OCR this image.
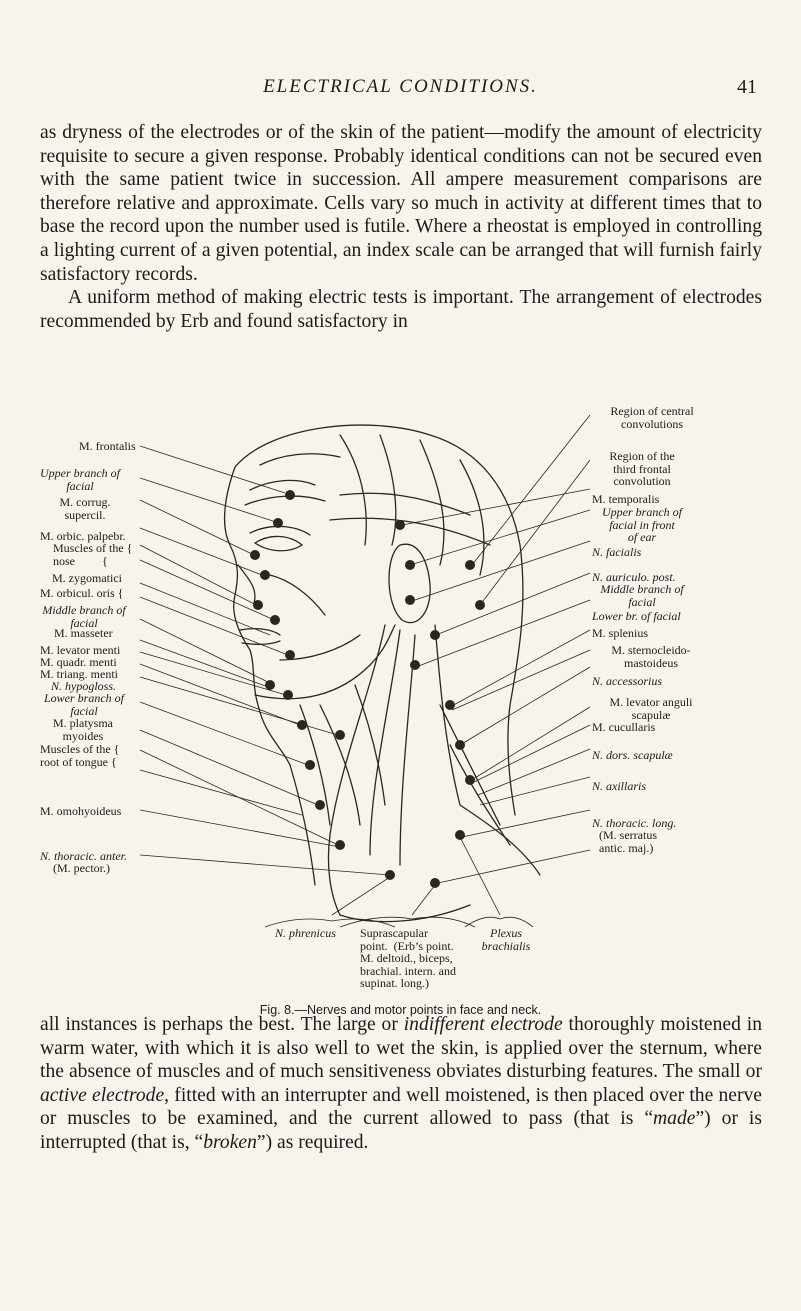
ELECTRICAL CONDITIONS.	41

as dryness of the electrodes or of the skin of the patient—modify the amount of electricity requisite to secure a given response. Probably identical conditions can not be secured even with the same patient twice in succession. All ampere measurement comparisons are therefore relative and approximate. Cells vary so much in activity at different times that to base the record upon the number used is futile. Where a rheostat is employed in controlling a lighting current of a given potential, an index scale can be arranged that will furnish fairly satisfactory records.

A uniform method of making electric tests is important. The arrangement of electrodes recommended by Erb and found satisfactory in

M. frontalis
Upper branch of
facial
M. corrug.
supercil.
M. orbic. palpebr.
Muscles of the {
nose         {
M. zygomatici
M. orbicul. oris {
Middle branch of
facial
M. masseter
M. levator menti
M. quadr. menti
M. triang. menti
N. hypogloss.
Lower branch of
facial
M. platysma
myoides
Muscles of the {
root of tongue {
M. omohyoideus
N. thoracic. anter.
(M. pector.)
Region of central
convolutions
Region of the
third frontal
convolution
M. temporalis
Upper branch of
facial in front
of ear
N. facialis
N. auriculo. post.
Middle branch of
facial
Lower br. of facial
M. splenius
M. sternocleido-
mastoideus
N. accessorius
M. levator anguli
scapulæ
M. cucullaris
N. dors. scapulæ
N. axillaris
N. thoracic. long.
(M. serratus
antic. maj.)
N. phrenicus Suprascapular
point.  (Erb’s point.
M. deltoid., biceps,
brachial. intern. and
supinat. long.)
Plexus
brachialis
Fig. 8.—Nerves and motor points in face and neck.

all instances is perhaps the best. The large or indifferent electrode thoroughly moistened in warm water, with which it is also well to wet the skin, is applied over the sternum, where the absence of muscles and of much sensitiveness obviates disturbing features. The small or active electrode, fitted with an interrupter and well moistened, is then placed over the nerve or muscles to be examined, and the current allowed to pass (that is “made”) or is interrupted (that is, “broken”) as required.
